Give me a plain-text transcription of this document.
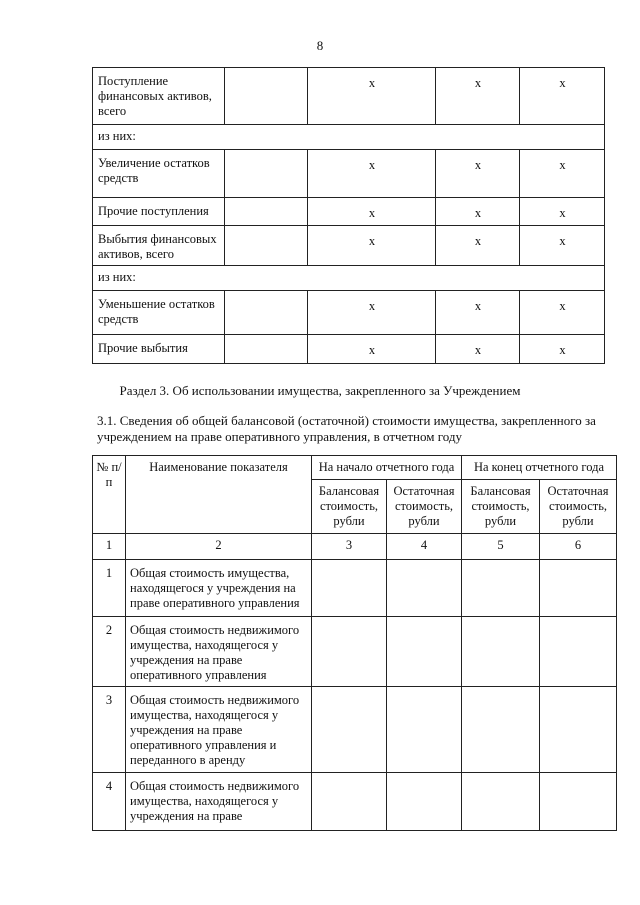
8
Поступление финансовых активов, всего		x	x	x
из них:				
Увеличение остатков средств		x	x	x
Прочие поступления		x	x	x
Выбытия финансовых активов, всего		x	x	x
из них:				
Уменьшение остатков средств		x	x	x
Прочие выбытия		x	x	x
Раздел 3. Об использовании имущества, закрепленного за Учреждением
3.1. Сведения об общей балансовой (остаточной) стоимости имущества, закрепленного за учреждением на праве оперативного управления, в отчетном году
№ п/п	Наименование показателя	На начало отчетного года		На конец отчетного года	
		Балансовая стоимость, рубли	Остаточная стоимость, рубли	Балансовая стоимость, рубли	Остаточная стоимость, рубли
1	2	3	4	5	6
1	Общая стоимость имущества, находящегося у учреждения на праве оперативного управления				
2	Общая стоимость недвижимого имущества, находящегося у учреждения на праве оперативного управления				
3	Общая стоимость недвижимого имущества, находящегося у учреждения на праве оперативного управления и переданного в аренду				
4	Общая стоимость недвижимого имущества, находящегося у учреждения на праве				
